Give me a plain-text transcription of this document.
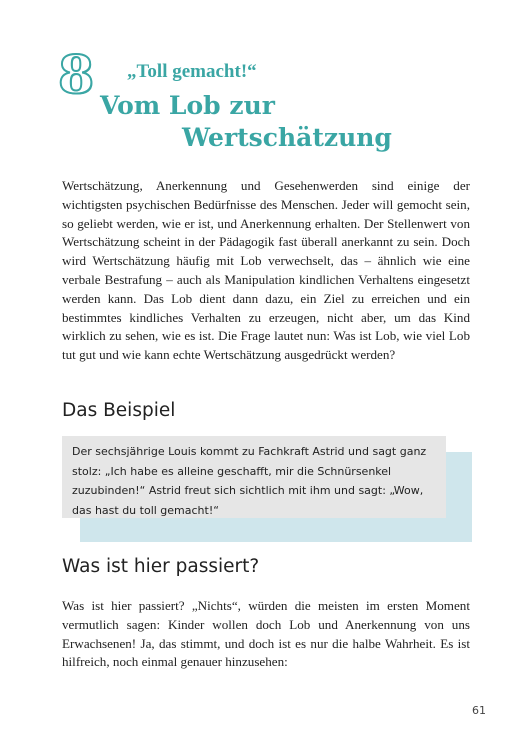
8 „Toll gemacht!“
Vom Lob zur
Wertschätzung

Wertschätzung, Anerkennung und Gesehenwerden sind einige der wichtigsten psychischen Bedürfnisse des Menschen. Jeder will gemocht sein, so geliebt werden, wie er ist, und Anerkennung erhalten. Der Stellenwert von Wertschätzung scheint in der Pädagogik fast überall anerkannt zu sein. Doch wird Wertschätzung häufig mit Lob verwechselt, das – ähnlich wie eine verbale Bestrafung – auch als Manipulation kindlichen Verhaltens eingesetzt werden kann. Das Lob dient dann dazu, ein Ziel zu erreichen und ein bestimmtes kindliches Verhalten zu erzeugen, nicht aber, um das Kind wirklich zu sehen, wie es ist. Die Frage lautet nun: Was ist Lob, wie viel Lob tut gut und wie kann echte Wertschätzung ausgedrückt werden?

Das Beispiel
Der sechsjährige Louis kommt zu Fachkraft Astrid und sagt ganz stolz: „Ich habe es alleine geschafft, mir die Schnürsenkel zuzubinden!“ Astrid freut sich sichtlich mit ihm und sagt: „Wow, das hast du toll gemacht!“
Was ist hier passiert?

Was ist hier passiert? „Nichts“, würden die meisten im ersten Moment vermutlich sagen: Kinder wollen doch Lob und Anerkennung von uns Erwachsenen! Ja, das stimmt, und doch ist es nur die halbe Wahrheit. Es ist hilfreich, noch einmal genauer hinzusehen:

61
